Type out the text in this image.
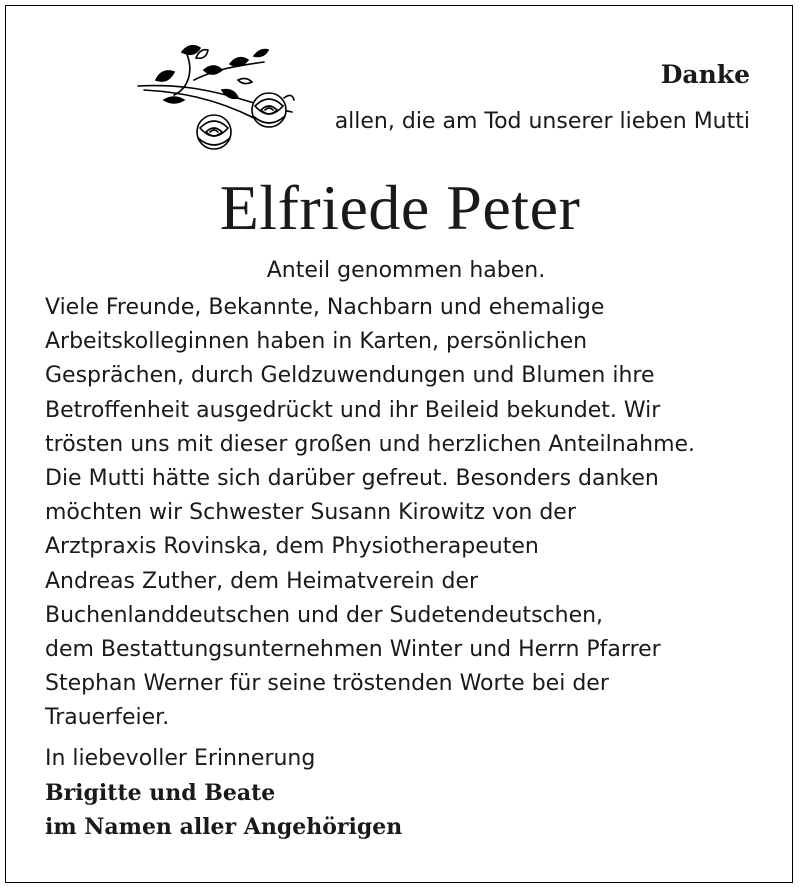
Danke
allen, die am Tod unserer lieben Mutti
Elfriede Peter
Anteil genommen haben.
Viele Freunde, Bekannte, Nachbarn und ehemalige
Arbeitskolleginnen haben in Karten, persönlichen
Gesprächen, durch Geldzuwendungen und Blumen ihre
Betroffenheit ausgedrückt und ihr Beileid bekundet. Wir
trösten uns mit dieser großen und herzlichen Anteilnahme.
Die Mutti hätte sich darüber gefreut. Besonders danken
möchten wir Schwester Susann Kirowitz von der
Arztpraxis Rovinska, dem Physiotherapeuten
Andreas Zuther, dem Heimatverein der
Buchenlanddeutschen und der Sudetendeutschen,
dem Bestattungsunternehmen Winter und Herrn Pfarrer
Stephan Werner für seine tröstenden Worte bei der
Trauerfeier.
In liebevoller Erinnerung
Brigitte und Beate
im Namen aller Angehörigen
